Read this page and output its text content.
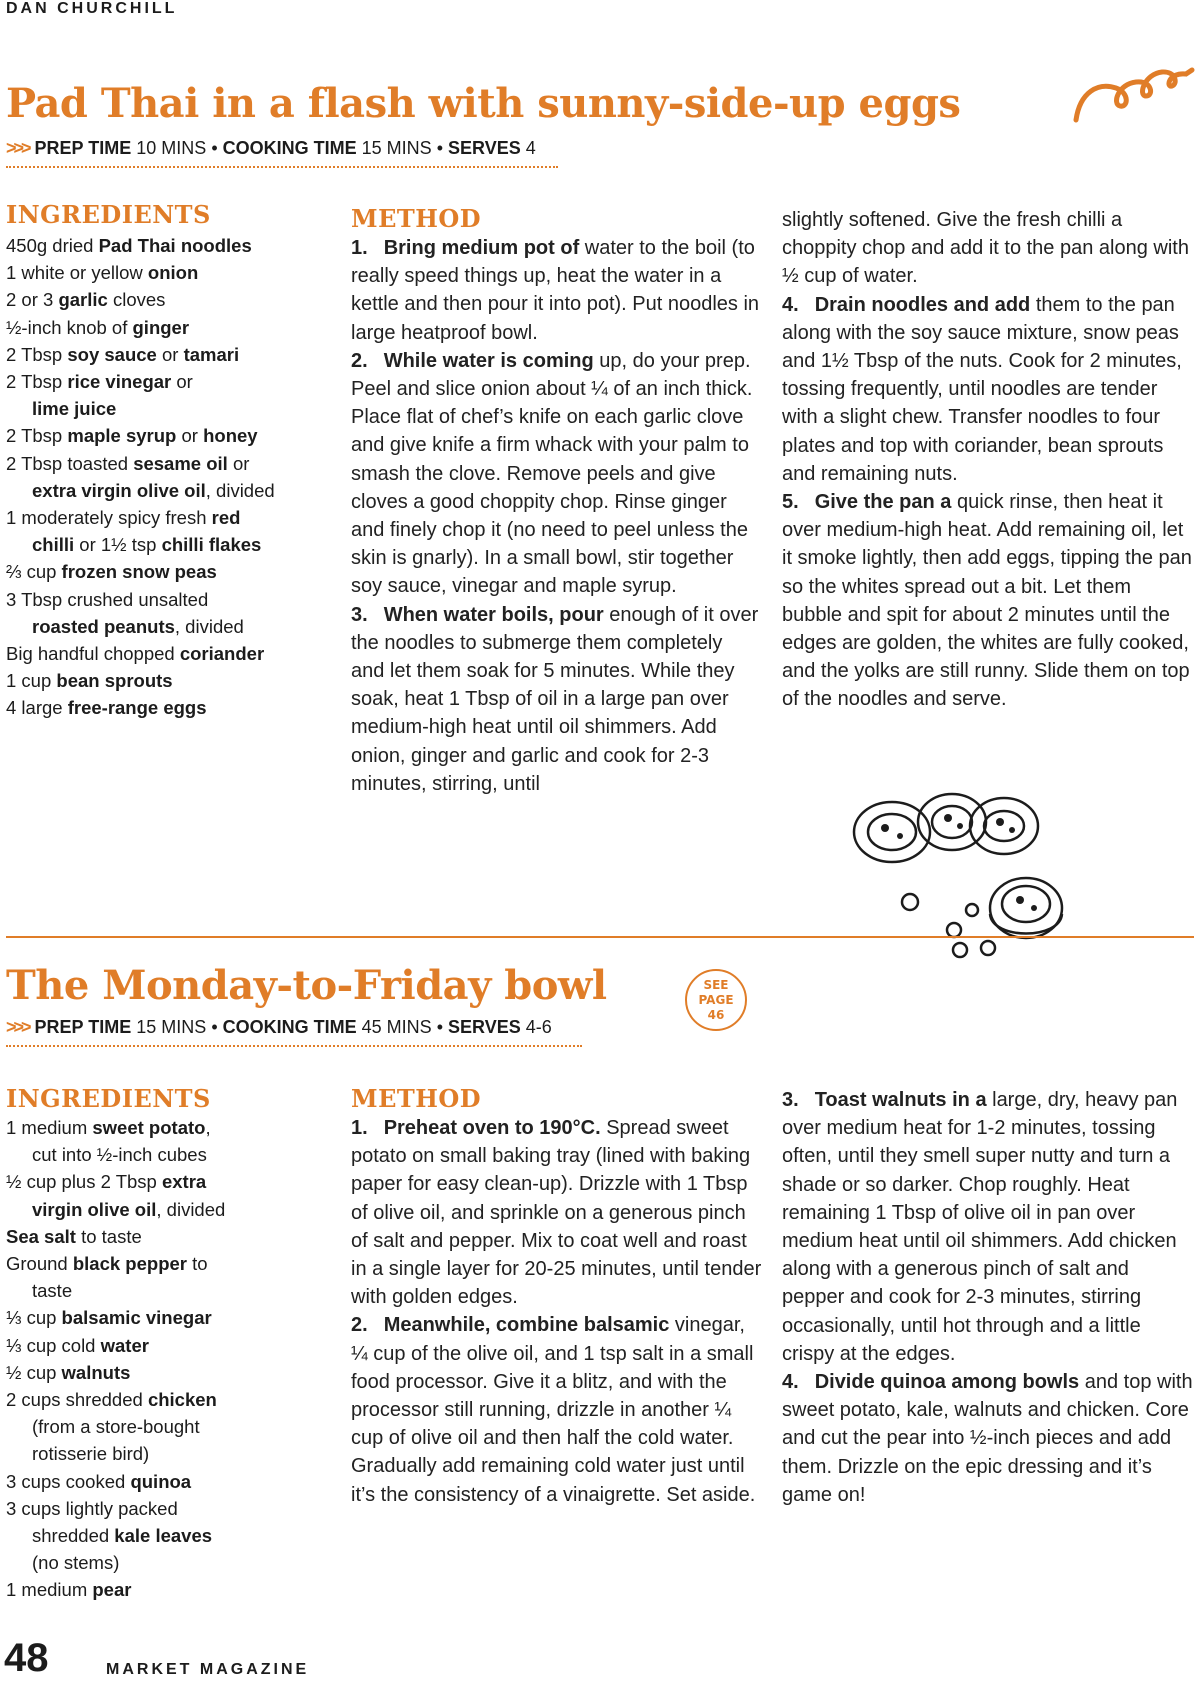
DAN CHURCHILL
Pad Thai in a flash with sunny-side-up eggs
>>> PREP TIME 10 MINS • COOKING TIME 15 MINS • SERVES 4
INGREDIENTS
450g dried Pad Thai noodles
1 white or yellow onion
2 or 3 garlic cloves
½-inch knob of ginger
2 Tbsp soy sauce or tamari
2 Tbsp rice vinegar or
lime juice
2 Tbsp maple syrup or honey
2 Tbsp toasted sesame oil or
extra virgin olive oil, divided
1 moderately spicy fresh red
chilli or 1½ tsp chilli flakes
⅔ cup frozen snow peas
3 Tbsp crushed unsalted
roasted peanuts, divided
Big handful chopped coriander
1 cup bean sprouts
4 large free-range eggs
METHOD

1. Bring medium pot of water to the boil (to really speed things up, heat the water in a kettle and then pour it into pot). Put noodles in large heatproof bowl.

2. While water is coming up, do your prep. Peel and slice onion about ¼ of an inch thick. Place flat of chef’s knife on each garlic clove and give knife a firm whack with your palm to smash the clove. Remove peels and give cloves a good choppity chop. Rinse ginger and finely chop it (no need to peel unless the skin is gnarly). In a small bowl, stir together soy sauce, vinegar and maple syrup.

3. When water boils, pour enough of it over the noodles to submerge them completely and let them soak for 5 minutes. While they soak, heat 1 Tbsp of oil in a large pan over medium-high heat until oil shimmers. Add onion, ginger and garlic and cook for 2-3 minutes, stirring, until

slightly softened. Give the fresh chilli a choppity chop and add it to the pan along with ½ cup of water.

4. Drain noodles and add them to the pan along with the soy sauce mixture, snow peas and 1½ Tbsp of the nuts. Cook for 2 minutes, tossing frequently, until noodles are tender with a slight chew. Transfer noodles to four plates and top with coriander, bean sprouts and remaining nuts.

5. Give the pan a quick rinse, then heat it over medium-high heat. Add remaining oil, let it smoke lightly, then add eggs, tipping the pan so the whites spread out a bit. Let them bubble and spit for about 2 minutes until the edges are golden, the whites are fully cooked, and the yolks are still runny. Slide them on top of the noodles and serve.

The Monday-to-Friday bowl	SEE
PAGE
46
>>> PREP TIME 15 MINS • COOKING TIME 45 MINS • SERVES 4-6
INGREDIENTS
1 medium sweet potato,
cut into ½-inch cubes
½ cup plus 2 Tbsp extra
virgin olive oil, divided
Sea salt to taste
Ground black pepper to
taste
⅓ cup balsamic vinegar
⅓ cup cold water
½ cup walnuts
2 cups shredded chicken
(from a store-bought
rotisserie bird)
3 cups cooked quinoa
3 cups lightly packed
shredded kale leaves
(no stems)
1 medium pear
METHOD

1. Preheat oven to 190°C. Spread sweet potato on small baking tray (lined with baking paper for easy clean-up). Drizzle with 1 Tbsp of olive oil, and sprinkle on a generous pinch of salt and pepper. Mix to coat well and roast in a single layer for 20-25 minutes, until tender with golden edges.

2. Meanwhile, combine balsamic vinegar, ¼ cup of the olive oil, and 1 tsp salt in a small food processor. Give it a blitz, and with the processor still running, drizzle in another ¼ cup of olive oil and then half the cold water. Gradually add remaining cold water just until it’s the consistency of a vinaigrette. Set aside.

3. Toast walnuts in a large, dry, heavy pan over medium heat for 1-2 minutes, tossing often, until they smell super nutty and turn a shade or so darker. Chop roughly. Heat remaining 1 Tbsp of olive oil in pan over medium heat until oil shimmers. Add chicken along with a generous pinch of salt and pepper and cook for 2-3 minutes, stirring occasionally, until hot through and a little crispy at the edges.

4. Divide quinoa among bowls and top with sweet potato, kale, walnuts and chicken. Core and cut the pear into ½-inch pieces and add them. Drizzle on the epic dressing and it’s game on!

48	MARKET MAGAZINE
